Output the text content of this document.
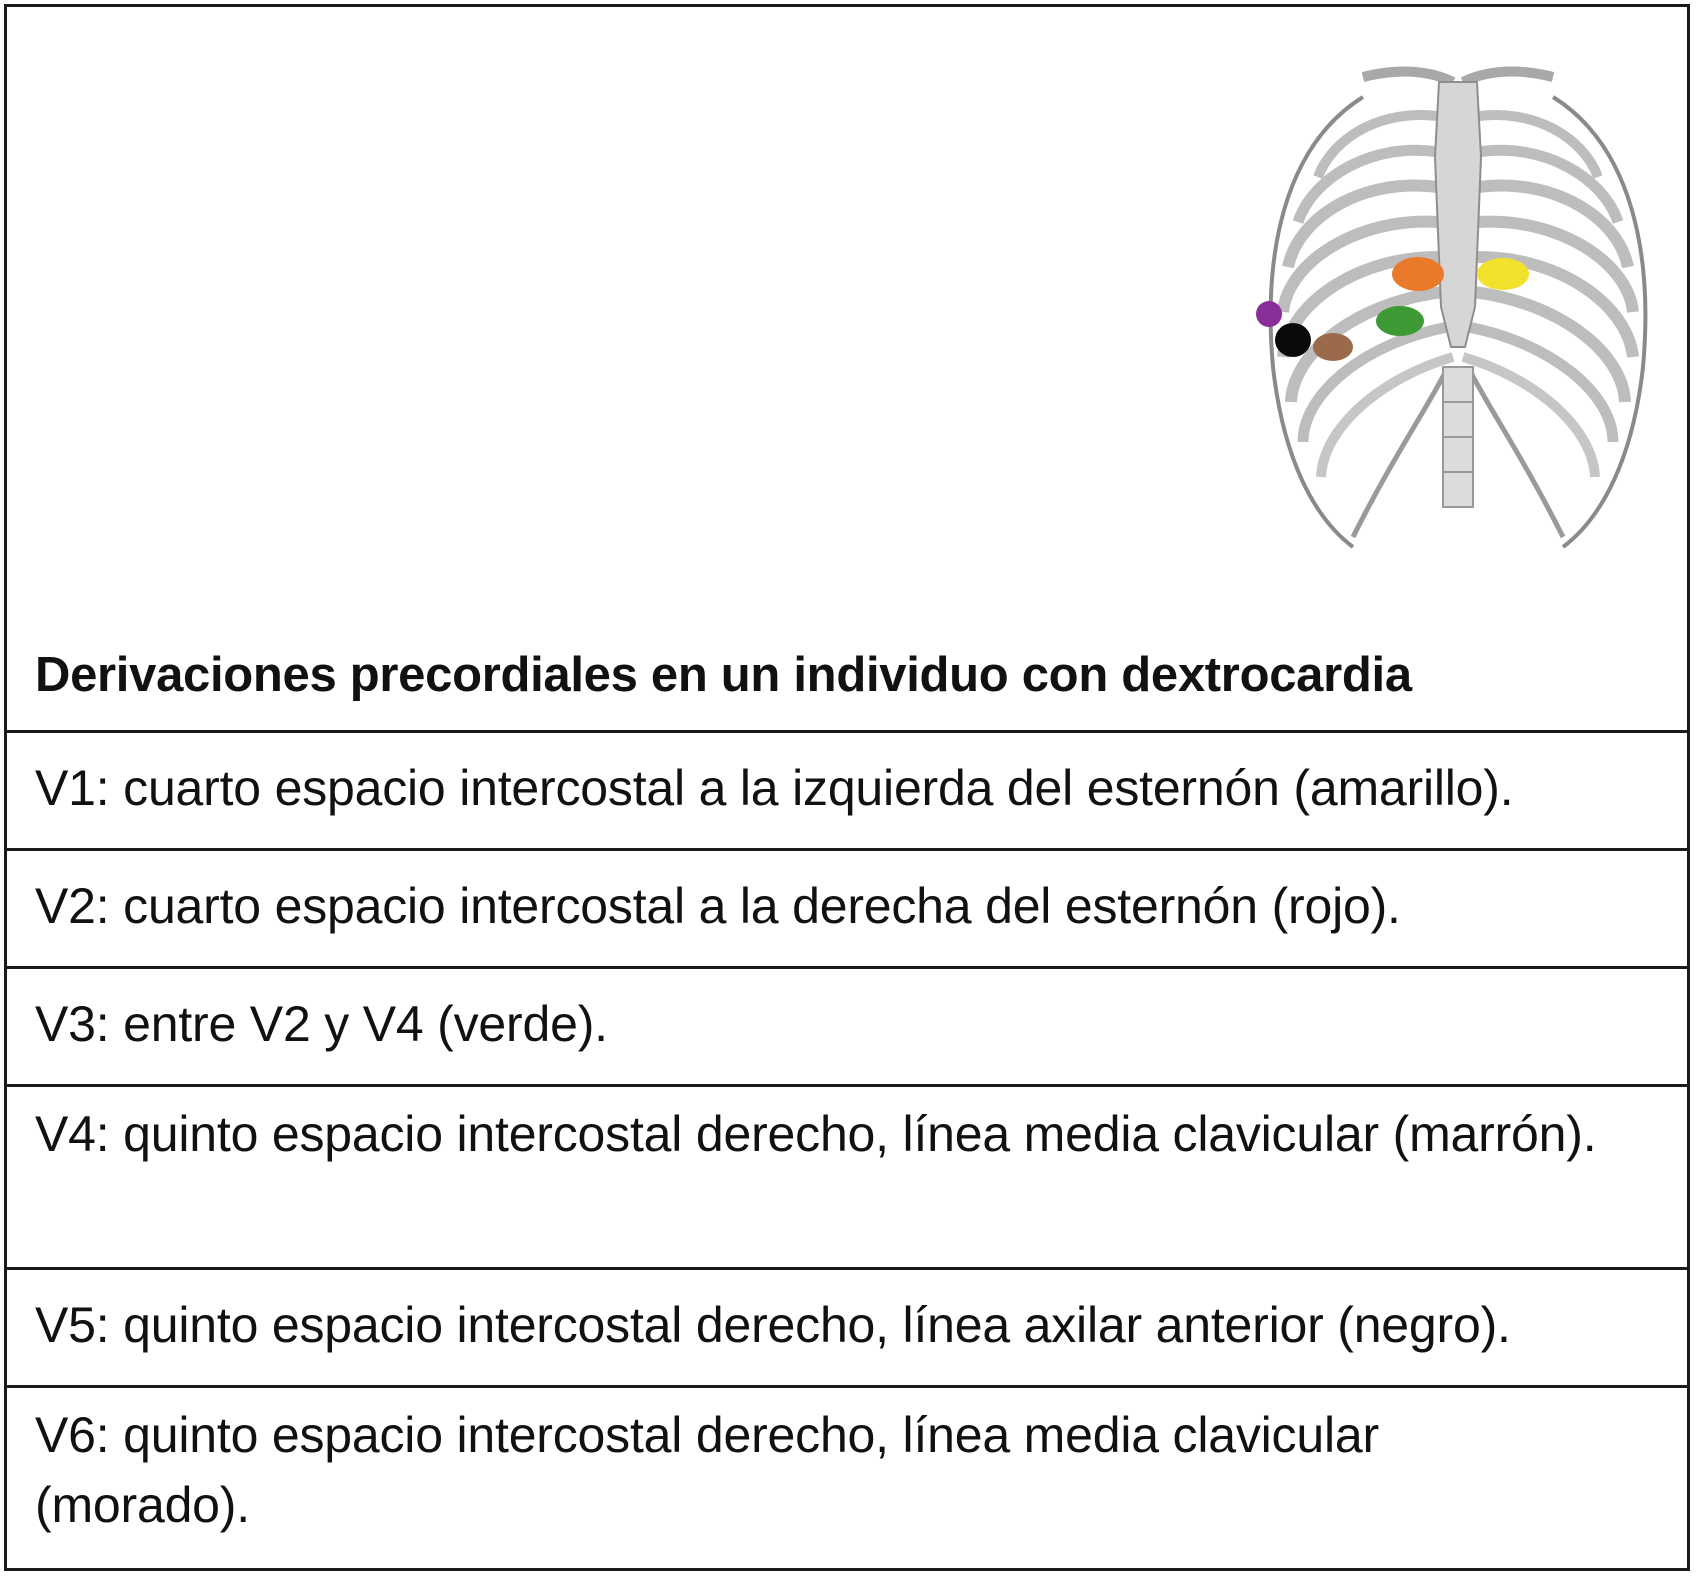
Derivaciones precordiales en un individuo con dextrocardia
V1: cuarto espacio intercostal a la izquierda del esternón (amarillo).
V2: cuarto espacio intercostal a la derecha del esternón (rojo).
V3: entre V2 y V4 (verde).
V4: quinto espacio intercostal derecho, línea media clavicular (marrón).
V5: quinto espacio intercostal derecho, línea axilar anterior (negro).
V6: quinto espacio intercostal derecho, línea media clavicular (morado).
